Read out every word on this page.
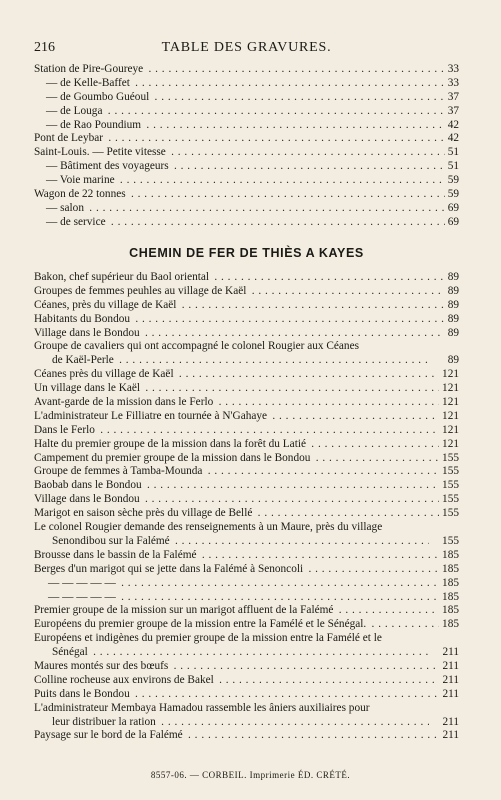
216	TABLE DES GRAVURES.
Station de Pire-Goureye . . .	33
— de Kelle-Baffet . . .	33
— de Goumbo Guéoul . . .	37
— de Louga . . .	37
— de Rao Poundium . . .	42
Pont de Leybar . . .	42
Saint-Louis. — Petite vitesse . . .	51
— Bâtiment des voyageurs . . .	51
— Voie marine . . .	59
Wagon de 22 tonnes . . .	59
— salon . . .	69
— de service . . .	69
CHEMIN DE FER DE THIÈS A KAYES
Bakon, chef supérieur du Baol oriental . . .	89
Groupes de femmes peuhles au village de Kaël . . .	89
Céanes, près du village de Kaël . . .	89
Habitants du Bondou . . .	89
Village dans le Bondou . . .	89
Groupe de cavaliers qui ont accompagné le colonel Rougier aux Céanes
de Kaël-Perle . . .	89
Céanes près du village de Kaël . . .	121
Un village dans le Kaël . . .	121
Avant-garde de la mission dans le Ferlo . . .	121
L'administrateur Le Filliatre en tournée à N'Gahaye . . .	121
Dans le Ferlo . . .	121
Halte du premier groupe de la mission dans la forêt du Latié . . .	121
Campement du premier groupe de la mission dans le Bondou . . .	155
Groupe de femmes à Tamba-Mounda . . .	155
Baobab dans le Bondou . . .	155
Village dans le Bondou . . .	155
Marigot en saison sèche près du village de Bellé . . .	155
Le colonel Rougier demande des renseignements à un Maure, près du village
Senondibou sur la Falémé . . .	155
Brousse dans le bassin de la Falémé . . .	185
Berges d'un marigot qui se jette dans la Falémé à Senoncoli . . .	185
— — — — — . . .	185
— — — — — . . .	185
Premier groupe de la mission sur un marigot affluent de la Falémé . . .	185
Européens du premier groupe de la mission entre la Famélé et le Sénégal. . . .	185
Européens et indigènes du premier groupe de la mission entre la Famélé et le
Sénégal . . .	211
Maures montés sur des bœufs . . .	211
Colline rocheuse aux environs de Bakel . . .	211
Puits dans le Bondou . . .	211
L'administrateur Membaya Hamadou rassemble les âniers auxiliaires pour
leur distribuer la ration . . .	211
Paysage sur le bord de la Falémé . . .	211
8557-06. — CORBEIL. Imprimerie ÉD. CRÉTÉ.
